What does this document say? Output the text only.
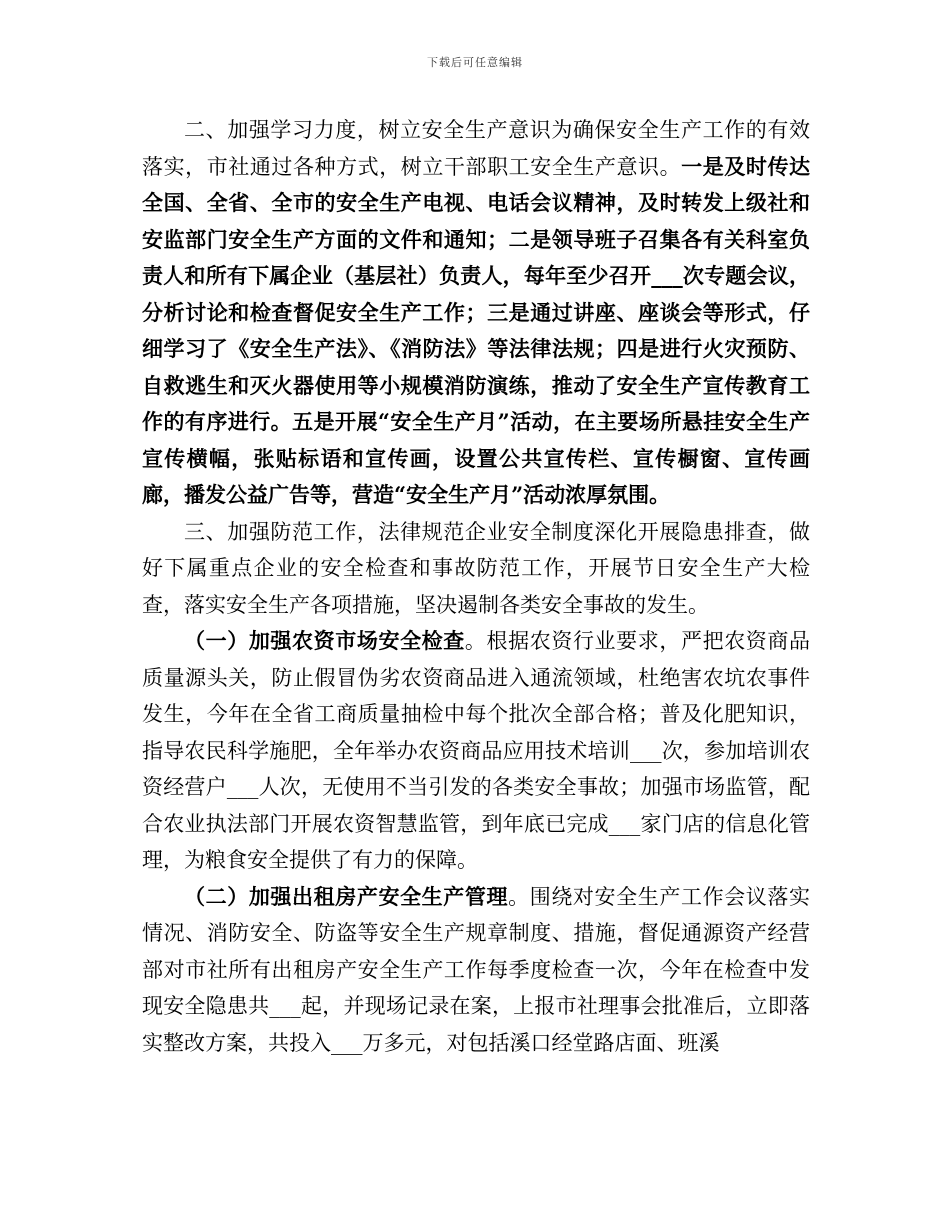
下载后可任意编辑

二、加强学习力度，树立安全生产意识为确保安全生产工作的有效落实，市社通过各种方式，树立干部职工安全生产意识。一是及时传达全国、全省、全市的安全生产电视、电话会议精神，及时转发上级社和安监部门安全生产方面的文件和通知；二是领导班子召集各有关科室负责人和所有下属企业（基层社）负责人，每年至少召开___次专题会议，分析讨论和检查督促安全生产工作；三是通过讲座、座谈会等形式，仔细学习了《安全生产法》、《消防法》等法律法规；四是进行火灾预防、自救逃生和灭火器使用等小规模消防演练，推动了安全生产宣传教育工作的有序进行。五是开展“安全生产月”活动，在主要场所悬挂安全生产宣传横幅，张贴标语和宣传画，设置公共宣传栏、宣传橱窗、宣传画廊，播发公益广告等，营造“安全生产月”活动浓厚氛围。

三、加强防范工作，法律规范企业安全制度深化开展隐患排查，做好下属重点企业的安全检查和事故防范工作，开展节日安全生产大检查，落实安全生产各项措施，坚决遏制各类安全事故的发生。

（一）加强农资市场安全检查。根据农资行业要求，严把农资商品质量源头关，防止假冒伪劣农资商品进入通流领域，杜绝害农坑农事件发生，今年在全省工商质量抽检中每个批次全部合格；普及化肥知识，指导农民科学施肥，全年举办农资商品应用技术培训___次，参加培训农资经营户___人次，无使用不当引发的各类安全事故；加强市场监管，配合农业执法部门开展农资智慧监管，到年底已完成___家门店的信息化管理，为粮食安全提供了有力的保障。

（二）加强出租房产安全生产管理。围绕对安全生产工作会议落实情况、消防安全、防盗等安全生产规章制度、措施，督促通源资产经营部对市社所有出租房产安全生产工作每季度检查一次，今年在检查中发现安全隐患共___起，并现场记录在案，上报市社理事会批准后，立即落实整改方案，共投入___万多元，对包括溪口经堂路店面、班溪
